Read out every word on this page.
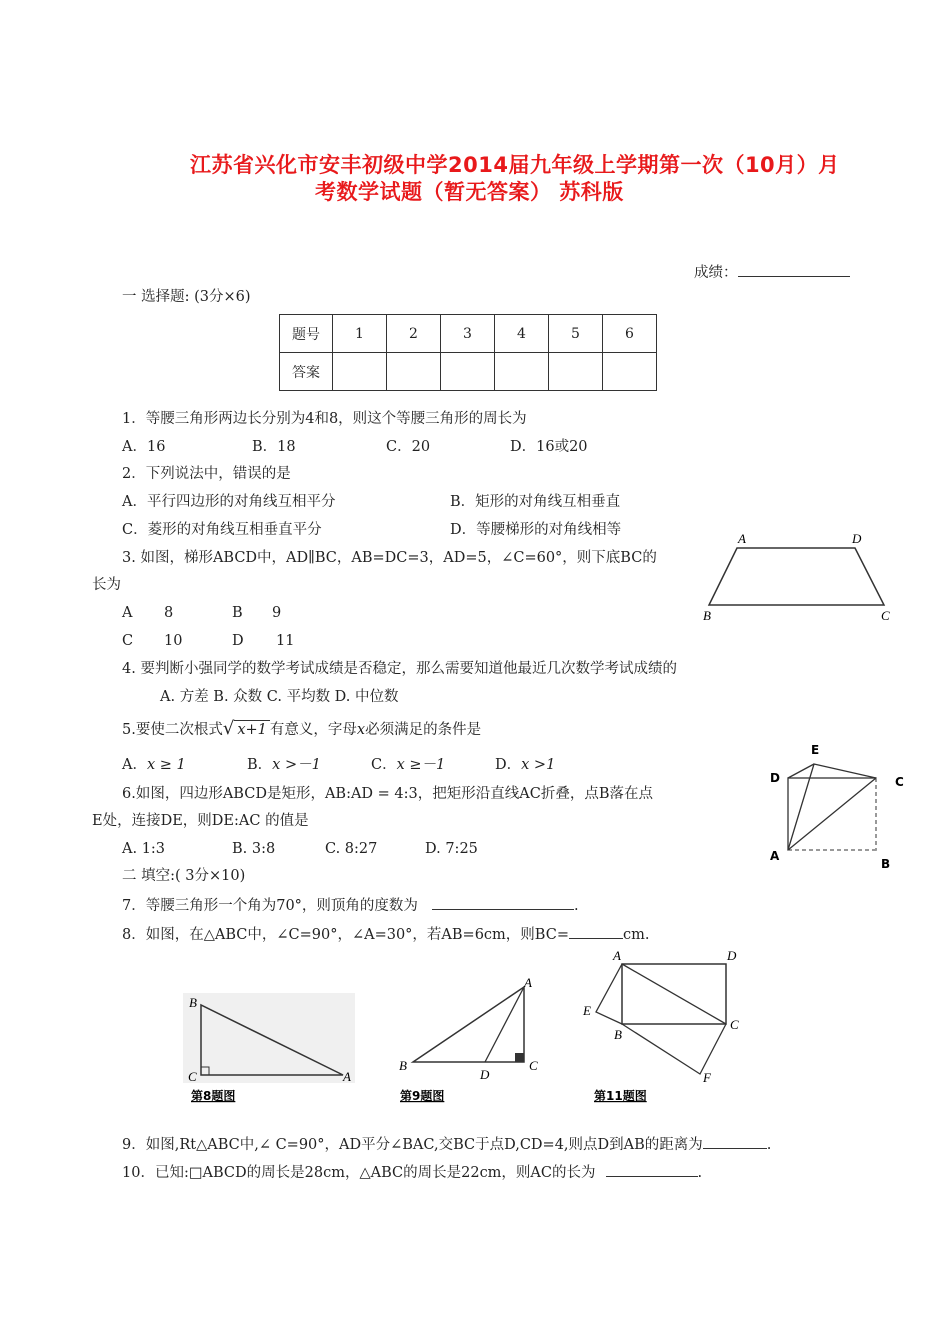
江苏省兴化市安丰初级中学2014届九年级上学期第一次（10月）月
考数学试题（暂无答案） 苏科版
成绩：
一 选择题: (3分×6)
题号	1	2	3	4	5	6
答案						
1．等腰三角形两边长分别为4和8，则这个等腰三角形的周长为
A．16	B．18	C．20	D．16或20
2．下列说法中，错误的是
A．平行四边形的对角线互相平分	B．矩形的对角线互相垂直
C．菱形的对角线互相垂直平分	D．等腰梯形的对角线相等
3. 如图，梯形ABCD中，AD∥BC，AB=DC=3，AD=5，∠C=60°，则下底BC的
长为
A 8	B 9
C 10	D 11
A	D
B	C
4. 要判断小强同学的数学考试成绩是否稳定，那么需要知道他最近几次数学考试成绩的
A. 方差 B. 众数 C. 平均数 D. 中位数
5.要使二次根式√ x+1 有意义，字母x必须满足的条件是
A．x ≥ 1	B．x >－1	C．x ≥－1	D．x >1
E
D	C
A
B
6.如图，四边形ABCD是矩形，AB:AD = 4:3，把矩形沿直线AC折叠，点B落在点
E处，连接DE，则DE:AC 的值是
A. 1:3	B. 3:8	C. 8:27	D. 7:25
二 填空:( 3分×10)
7．等腰三角形一个角为70°，则顶角的度数为	.
8．如图，在△ABC中，∠C=90°，∠A=30°，若AB=6cm，则BC=	cm.
B
C	A
第8题图
A
B
D
C
第9题图
A	D
E
B
C
F
第11题图
9．如图,Rt△ABC中,∠ C=90°，AD平分∠BAC,交BC于点D,CD=4,则点D到AB的距离为	.
10．已知:□ABCD的周长是28cm，△ABC的周长是22cm，则AC的长为	.
